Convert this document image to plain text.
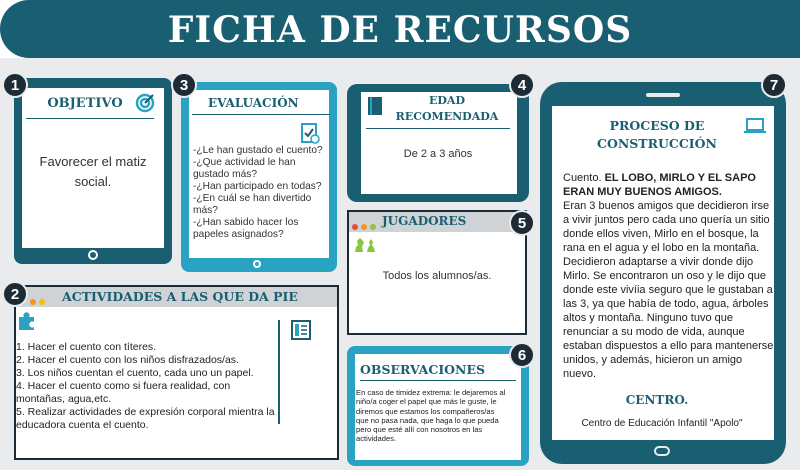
FICHA DE RECURSOS
OBJETIVO
Favorecer el matiz social.
1
EVALUACIÓN
-¿Le han gustado el cuento?
-¿Que actividad le han gustado más?
-¿Han participado en todas?
-¿En cuál se han divertido más?
-¿Han sabido hacer los papeles asignados?
3
EDAD
RECOMENDADA
De 2 a 3 años
4
JUGADORES
Todos los alumnos/as.
5
ACTIVIDADES A LAS QUE DA PIE
1. Hacer el cuento con títeres.
2. Hacer el cuento con los niños disfrazados/as.
3. Los niños cuentan el cuento, cada uno un papel.
4. Hacer el cuento como si fuera realidad, con montañas, agua,etc.
5. Realizar actividades de expresión corporal mientra la educadora cuenta el cuento.
2
OBSERVACIONES
En caso de timidez extrema: le dejaremos al niño/a coger el papel que más le guste, le diremos que estamos los compañeros/as que no pasa nada, que haga lo que pueda pero que esté allí con nosotros en las actividades.
6
PROCESO DE
CONSTRUCCIÓN
Cuento. EL LOBO, MIRLO Y EL SAPO ERAN MUY BUENOS AMIGOS.
Eran 3 buenos amigos que decidieron irse a vivir juntos pero cada uno quería un sitio donde ellos viven, Mirlo en el bosque, la rana en el agua y el lobo en la montaña. Decidieron adaptarse a vivir donde dijo Mirlo. Se encontraron un oso y le dijo que donde este vivíia seguro que le gustaban a las 3, ya que había de todo, agua, árboles altos y montaña. Ninguno tuvo que renunciar a su modo de vida, aunque estaban dispuestos a ello para mantenerse unidos, y además, hicieron un amigo nuevo.
CENTRO.
Centro de Educación Infantil "Apolo"
7
